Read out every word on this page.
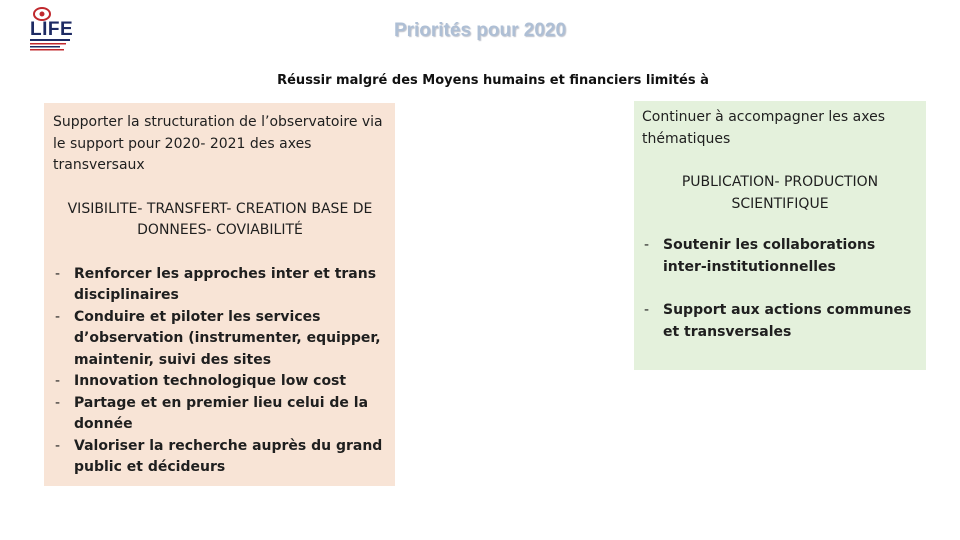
LIFE	Priorités pour 2020
Réussir malgré des Moyens humains et financiers limités à

Supporter la structuration de l’observatoire via le support pour 2020- 2021 des axes transversaux

VISIBILITE- TRANSFERT- CREATION BASE DE DONNEES- COVIABILITÉ

- Renforcer les approches inter et trans disciplinaires
- Conduire et piloter les services d’observation (instrumenter, equipper, maintenir, suivi des sites
- Innovation technologique low cost
- Partage et en premier lieu celui de la donnée
- Valoriser la recherche auprès du grand public et décideurs

Continuer à accompagner les axes thématiques

PUBLICATION- PRODUCTION SCIENTIFIQUE

- Soutenir les collaborations inter-institutionnelles
- Support aux actions communes et transversales
